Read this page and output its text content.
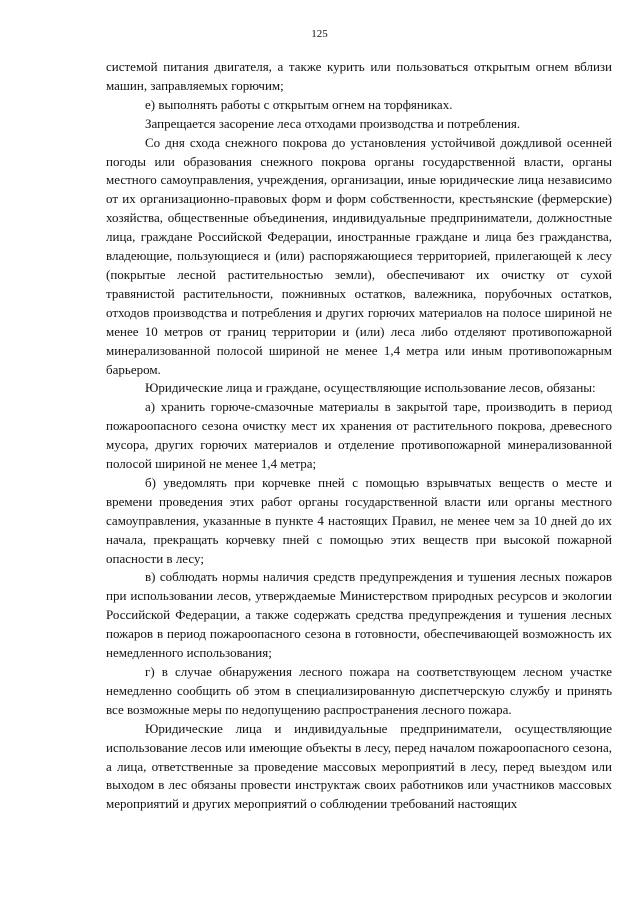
125

системой питания двигателя, а также курить или пользоваться открытым огнем вблизи машин, заправляемых горючим;

е) выполнять работы с открытым огнем на торфяниках.

Запрещается засорение леса отходами производства и потребления.

Со дня схода снежного покрова до установления устойчивой дождливой осенней погоды или образования снежного покрова органы государственной власти, органы местного самоуправления, учреждения, организации, иные юридические лица независимо от их организационно-правовых форм и форм собственности, крестьянские (фермерские) хозяйства, общественные объединения, индивидуальные предприниматели, должностные лица, граждане Российской Федерации, иностранные граждане и лица без гражданства, владеющие, пользующиеся и (или) распоряжающиеся территорией, прилегающей к лесу (покрытые лесной растительностью земли), обеспечивают их очистку от сухой травянистой растительности, пожнивных остатков, валежника, порубочных остатков, отходов производства и потребления и других горючих материалов на полосе шириной не менее 10 метров от границ территории и (или) леса либо отделяют противопожарной минерализованной полосой шириной не менее 1,4 метра или иным противопожарным барьером.

Юридические лица и граждане, осуществляющие использование лесов, обязаны:

а) хранить горюче-смазочные материалы в закрытой таре, производить в период пожароопасного сезона очистку мест их хранения от растительного покрова, древесного мусора, других горючих материалов и отделение противопожарной минерализованной полосой шириной не менее 1,4 метра;

б) уведомлять при корчевке пней с помощью взрывчатых веществ о месте и времени проведения этих работ органы государственной власти или органы местного самоуправления, указанные в пункте 4 настоящих Правил, не менее чем за 10 дней до их начала, прекращать корчевку пней с помощью этих веществ при высокой пожарной опасности в лесу;

в) соблюдать нормы наличия средств предупреждения и тушения лесных пожаров при использовании лесов, утверждаемые Министерством природных ресурсов и экологии Российской Федерации, а также содержать средства предупреждения и тушения лесных пожаров в период пожароопасного сезона в готовности, обеспечивающей возможность их немедленного использования;

г) в случае обнаружения лесного пожара на соответствующем лесном участке немедленно сообщить об этом в специализированную диспетчерскую службу и принять все возможные меры по недопущению распространения лесного пожара.

Юридические лица и индивидуальные предприниматели, осуществляющие использование лесов или имеющие объекты в лесу, перед началом пожароопасного сезона, а лица, ответственные за проведение массовых мероприятий в лесу, перед выездом или выходом в лес обязаны провести инструктаж своих работников или участников массовых мероприятий и других мероприятий о соблюдении требований настоящих
